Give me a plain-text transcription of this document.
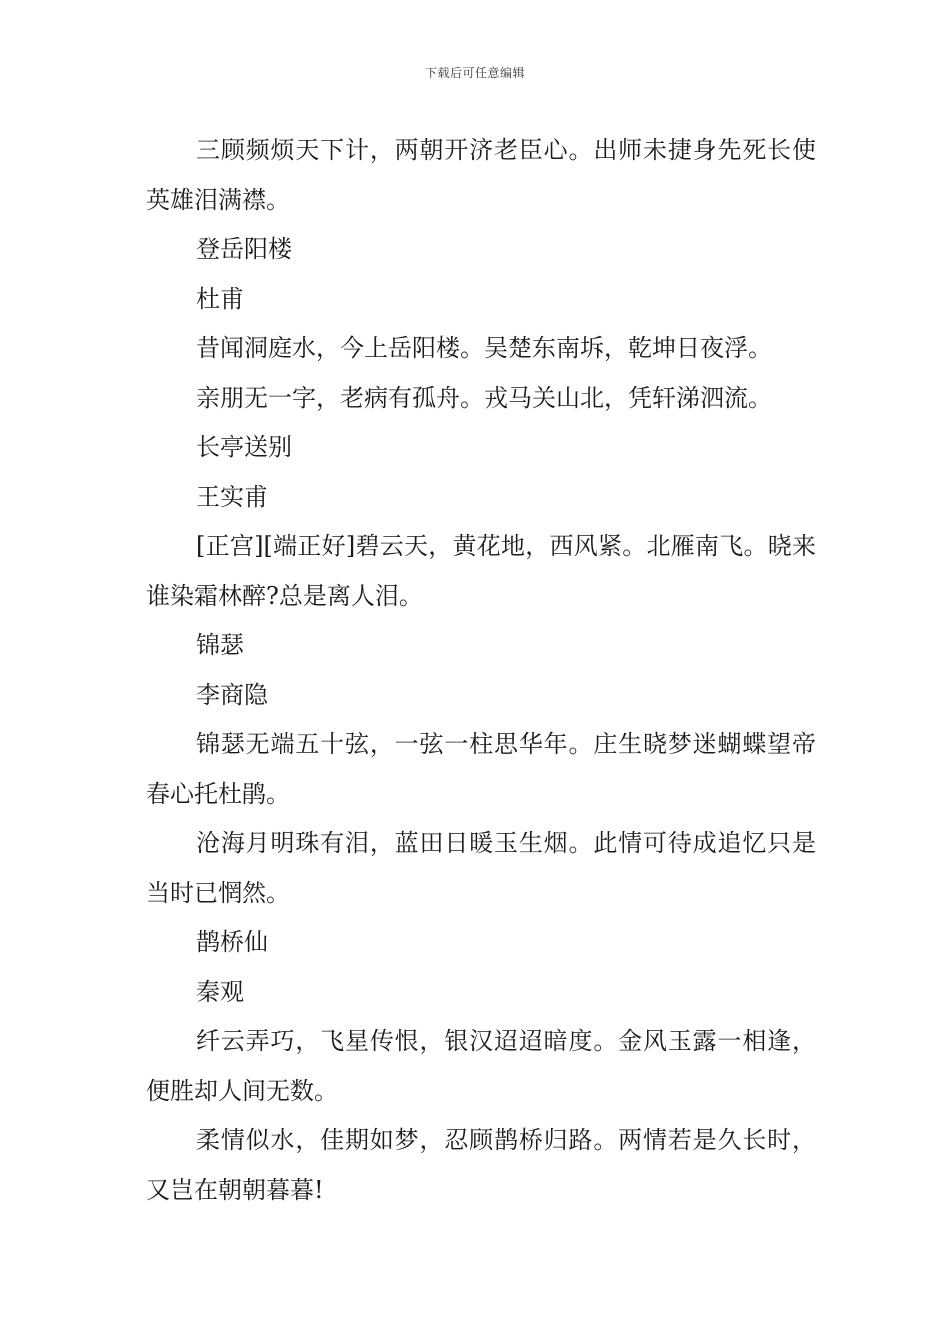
下载后可任意编辑

三顾频烦天下计，两朝开济老臣心。出师未捷身先死长使英雄泪满襟。

登岳阳楼

杜甫

昔闻洞庭水，今上岳阳楼。吴楚东南坼，乾坤日夜浮。

亲朋无一字，老病有孤舟。戎马关山北，凭轩涕泗流。

长亭送别

王实甫

[正宫][端正好]碧云天，黄花地，西风紧。北雁南飞。晓来谁染霜林醉?总是离人泪。

锦瑟

李商隐

锦瑟无端五十弦，一弦一柱思华年。庄生晓梦迷蝴蝶望帝春心托杜鹃。

沧海月明珠有泪，蓝田日暖玉生烟。此情可待成追忆只是当时已惘然。

鹊桥仙

秦观

纤云弄巧，飞星传恨，银汉迢迢暗度。金风玉露一相逢，便胜却人间无数。

柔情似水，佳期如梦，忍顾鹊桥归路。两情若是久长时，又岂在朝朝暮暮!
